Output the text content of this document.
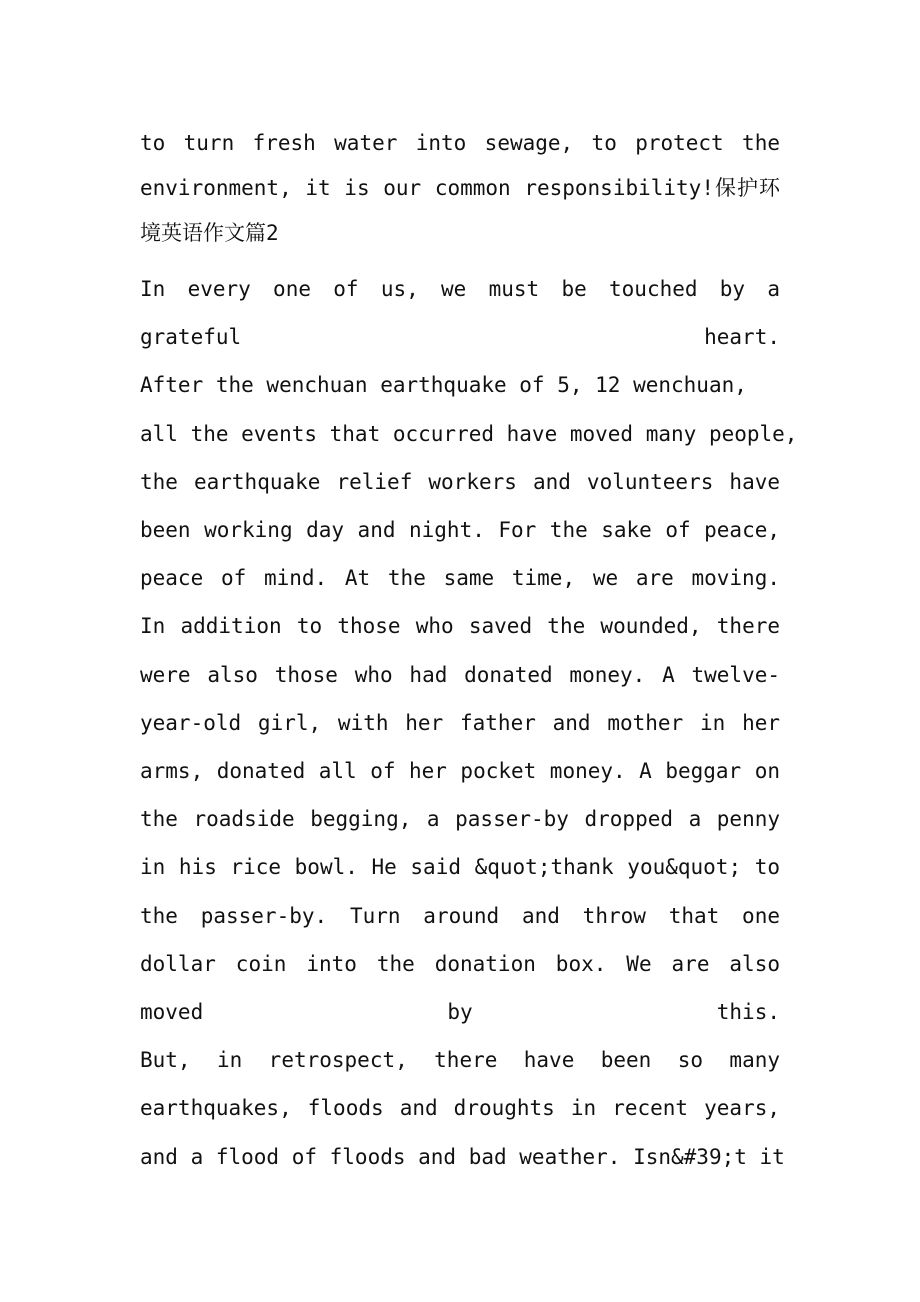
to turn fresh water into sewage, to protect the
environment, it is our common responsibility!保护环
境英语作文篇2
In every one of us, we must be touched by a
grateful heart.
After the wenchuan earthquake of 5, 12 wenchuan,
all the events that occurred have moved many people,
the earthquake relief workers and volunteers have
been working day and night. For the sake of peace,
peace of mind. At the same time, we are moving.
In addition to those who saved the wounded, there
were also those who had donated money. A twelve-
year-old girl, with her father and mother in her
arms, donated all of her pocket money. A beggar on
the roadside begging, a passer-by dropped a penny
in his rice bowl. He said &quot;thank you&quot; to
the passer-by. Turn around and throw that one
dollar coin into the donation box. We are also
moved by this.
But, in retrospect, there have been so many
earthquakes, floods and droughts in recent years,
and a flood of floods and bad weather. Isn&#39;t it
